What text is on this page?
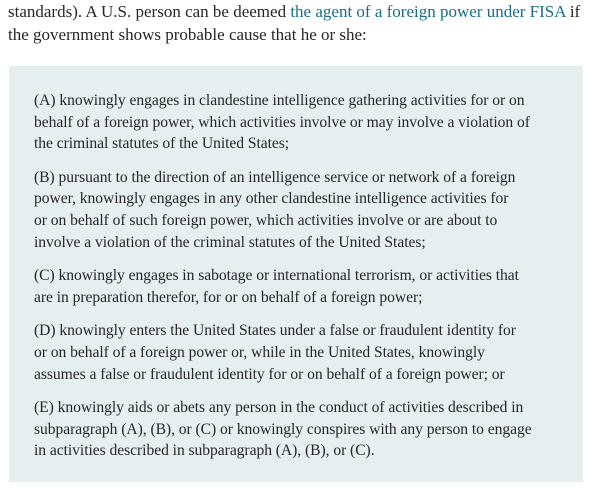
standards). A U.S. person can be deemed the agent of a foreign power under FISA if the government shows probable cause that he or she:

(A) knowingly engages in clandestine intelligence gathering activities for or on
behalf of a foreign power, which activities involve or may involve a violation of
the criminal statutes of the United States;

(B) pursuant to the direction of an intelligence service or network of a foreign
power, knowingly engages in any other clandestine intelligence activities for
or on behalf of such foreign power, which activities involve or are about to
involve a violation of the criminal statutes of the United States;

(C) knowingly engages in sabotage or international terrorism, or activities that
are in preparation therefor, for or on behalf of a foreign power;

(D) knowingly enters the United States under a false or fraudulent identity for
or on behalf of a foreign power or, while in the United States, knowingly
assumes a false or fraudulent identity for or on behalf of a foreign power; or

(E) knowingly aids or abets any person in the conduct of activities described in
subparagraph (A), (B), or (C) or knowingly conspires with any person to engage
in activities described in subparagraph (A), (B), or (C).
